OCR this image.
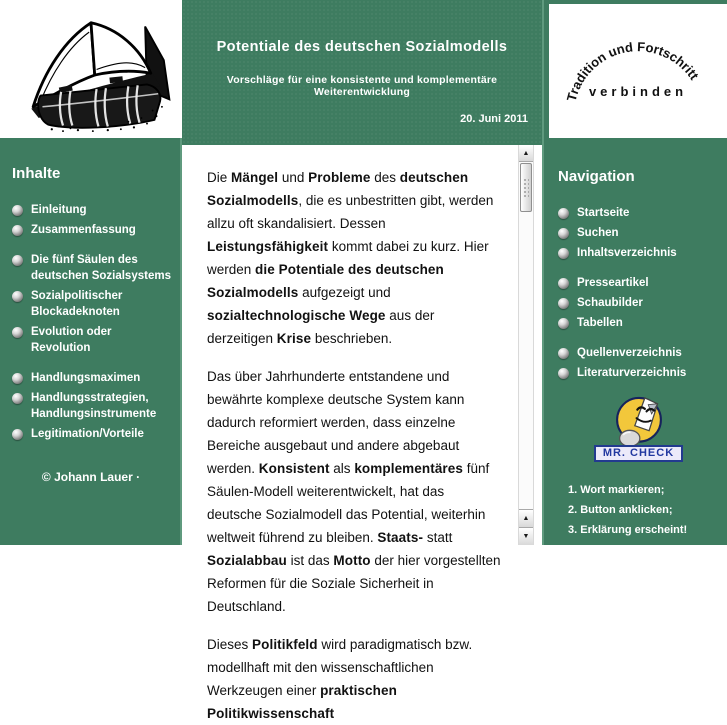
Potentiale des deutschen Sozialmodells
Vorschläge für eine konsistente und komplementäre Weiterentwicklung
20. Juni 2011
Tradition und Fortschritt
verbinden
Navigation
Startseite
Suchen
Inhaltsverzeichnis
Presseartikel
Schaubilder
Tabellen
Quellenverzeichnis
Literaturverzeichnis
MR. CHECK
1. Wort markieren;
2. Button anklicken;
3. Erklärung erscheint!
Mr. Check liefert
Begriffserklärungen aus
Brockhaus und Duden.
Inhalte
Einleitung
Zusammenfassung
Die fünf Säulen des deutschen Sozialsystems
Sozialpolitischer Blockadeknoten
Evolution oder Revolution
Handlungsmaximen
Handlungsstrategien, Handlungsinstrumente
Legitimation/Vorteile
© Johann Lauer ·

Die Mängel und Probleme des deutschen Sozialmodells, die es unbestritten gibt, werden allzu oft skandalisiert. Dessen Leistungsfähigkeit kommt dabei zu kurz. Hier werden die Potentiale des deutschen Sozialmodells aufgezeigt und sozialtechnologische Wege aus der derzeitigen Krise beschrieben.

Das über Jahrhunderte entstandene und bewährte komplexe deutsche System kann dadurch reformiert werden, dass einzelne Bereiche ausgebaut und andere abgebaut werden. Konsistent als komplementäres fünf Säulen-Modell weiterentwickelt, hat das deutsche Sozialmodell das Potential, weiterhin weltweit führend zu bleiben. Staats- statt Sozialabbau ist das Motto der hier vorgestellten Reformen für die Soziale Sicherheit in Deutschland.

Dieses Politikfeld wird paradigmatisch bzw. modellhaft mit den wissenschaftlichen Werkzeugen einer praktischen Politikwissenschaft

▲
▲
▼
